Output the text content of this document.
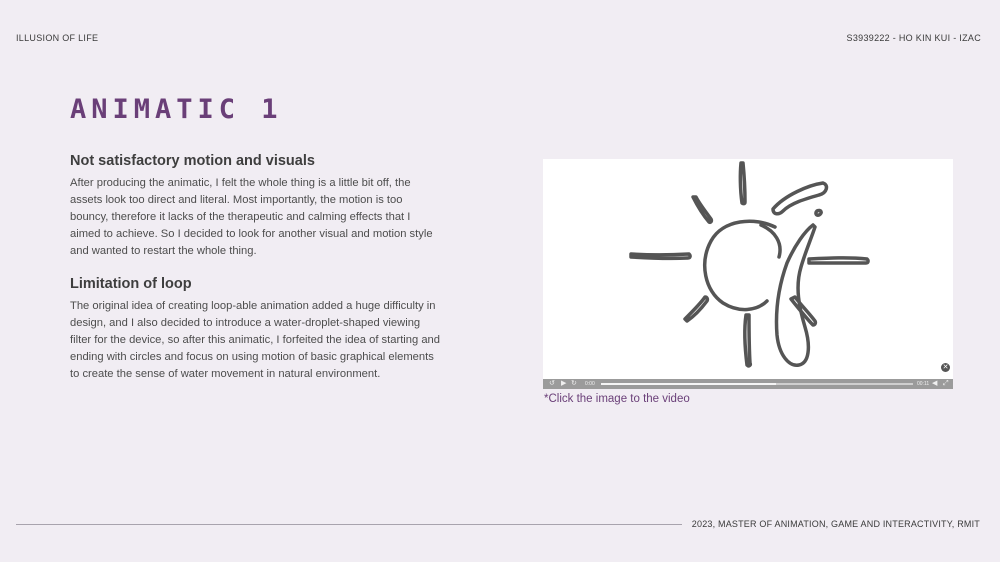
ILLUSION OF LIFE	S3939222 - HO KIN KUI - IZAC
ANIMATIC 1
Not satisfactory motion and visuals

After producing the animatic, I felt the whole thing is a little bit off, the assets look too direct and literal. Most importantly, the motion is too bouncy, therefore it lacks of the therapeutic and calming effects that I aimed to achieve. So I decided to look for another visual and motion style and wanted to restart the whole thing.

Limitation of loop

The original idea of creating loop-able animation added a huge difficulty in design, and I also decided to introduce a water-droplet-shaped viewing filter for the device, so after this animatic, I forfeited the idea of starting and ending with circles and focus on using motion of basic graphical elements to create the sense of water movement in natural environment.

✕
↺ ▶ ↻ 0:00	00:11 ◀ ⤢
*Click the image to the video
2023, MASTER OF ANIMATION, GAME AND INTERACTIVITY, RMIT
